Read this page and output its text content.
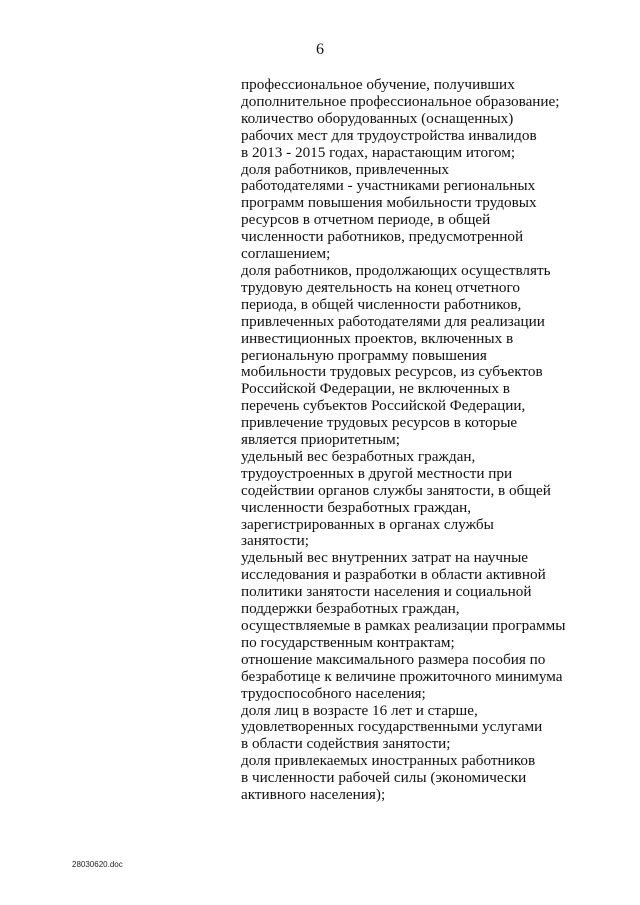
6
профессиональное обучение, получивших
дополнительное профессиональное образование;
количество оборудованных (оснащенных)
рабочих мест для трудоустройства инвалидов
в 2013 - 2015 годах, нарастающим итогом;
доля работников, привлеченных
работодателями - участниками региональных
программ повышения мобильности трудовых
ресурсов в отчетном периоде, в общей
численности работников, предусмотренной
соглашением;
доля работников, продолжающих осуществлять
трудовую деятельность на конец отчетного
периода, в общей численности работников,
привлеченных работодателями для реализации
инвестиционных проектов, включенных в
региональную программу повышения
мобильности трудовых ресурсов, из субъектов
Российской Федерации, не включенных в
перечень субъектов Российской Федерации,
привлечение трудовых ресурсов в которые
является приоритетным;
удельный вес безработных граждан,
трудоустроенных в другой местности при
содействии органов службы занятости, в общей
численности безработных граждан,
зарегистрированных в органах службы
занятости;
удельный вес внутренних затрат на научные
исследования и разработки в области активной
политики занятости населения и социальной
поддержки безработных граждан,
осуществляемые в рамках реализации программы
по государственным контрактам;
отношение максимального размера пособия по
безработице к величине прожиточного минимума
трудоспособного населения;
доля лиц в возрасте 16 лет и старше,
удовлетворенных государственными услугами
в области содействия занятости;
доля привлекаемых иностранных работников
в численности рабочей силы (экономически
активного населения);
28030620.doc
